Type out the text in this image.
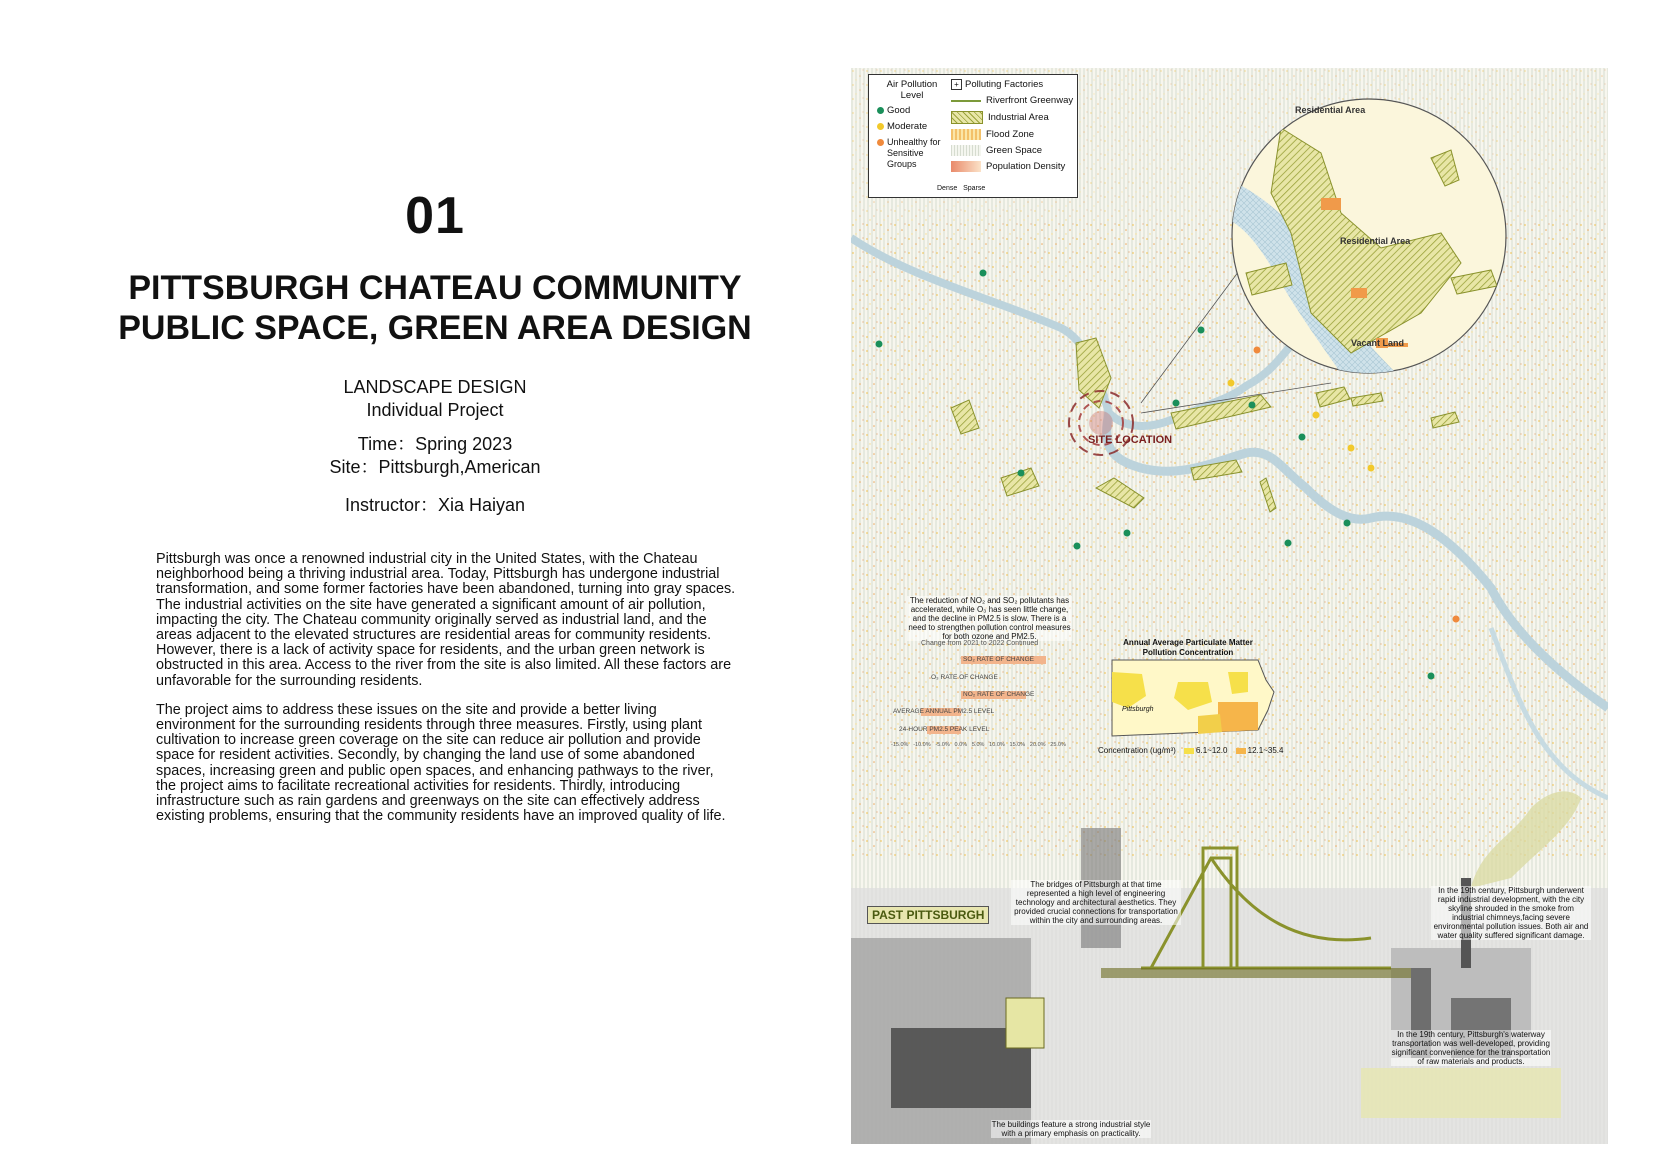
01
PITTSBURGH CHATEAU COMMUNITY
PUBLIC SPACE, GREEN AREA DESIGN
LANDSCAPE DESIGN
Individual Project
Time：Spring 2023
Site：Pittsburgh,American
Instructor：Xia Haiyan

Pittsburgh was once a renowned industrial city in the United States, with the Chateau neighborhood being a thriving industrial area. Today, Pittsburgh has undergone industrial transformation, and some former factories have been abandoned, turning into gray spaces. The industrial activities on the site have generated a significant amount of air pollution, impacting the city. The Chateau community originally served as industrial land, and the areas adjacent to the elevated structures are residential areas for community residents. However, there is a lack of activity space for residents, and the urban green network is obstructed in this area. Access to the river from the site is also limited. All these factors are unfavorable for the surrounding residents.

The project aims to address these issues on the site and provide a better living environment for the surrounding residents through three measures. Firstly, using plant cultivation to increase green coverage on the site can reduce air pollution and provide space for resident activities. Secondly, by changing the land use of some abandoned spaces, increasing green and public open spaces, and enhancing pathways to the river, the project aims to facilitate recreational activities for residents. Thirdly, introducing infrastructure such as rain gardens and greenways on the site can effectively address existing problems, ensuring that the community residents have an improved quality of life.

Air Pollution Level
Good
Moderate
Unhealthy for Sensitive Groups
+ Polluting Factories
Riverfront Greenway
Industrial Area
Flood Zone
Green Space
Population Density
Dense Sparse
Residential Area
Residential Area
Vacant Land
SITE LOCATION
The reduction of NO₂ and SO₂ pollutants has accelerated, while O₃ has seen little change, and the decline in PM2.5 is slow. There is a need to strengthen pollution control measures for both ozone and PM2.5.
Change from 2021 to 2022 Continued
SO₂ RATE OF CHANGE
O₃ RATE OF CHANGE
NO₂ RATE OF CHANGE
AVERAGE ANNUAL PM2.5 LEVEL
24-HOUR PM2.5 PEAK LEVEL
-15.0% -10.0% -5.0% 0.0% 5.0% 10.0% 15.0% 20.0% 25.0%
Annual Average Particulate Matter Pollution Concentration
Pittsburgh
Concentration (ug/m³)	6.1~12.0	12.1~35.4
PAST PITTSBURGH
The bridges of Pittsburgh at that time represented a high level of engineering technology and architectural aesthetics. They provided crucial connections for transportation within the city and surrounding areas.
In the 19th century, Pittsburgh underwent rapid industrial development, with the city skyline shrouded in the smoke from industrial chimneys,facing severe environmental pollution issues. Both air and water quality suffered significant damage.
In the 19th century, Pittsburgh's waterway transportation was well-developed, providing significant convenience for the transportation of raw materials and products.
The buildings feature a strong industrial style with a primary emphasis on practicality.
